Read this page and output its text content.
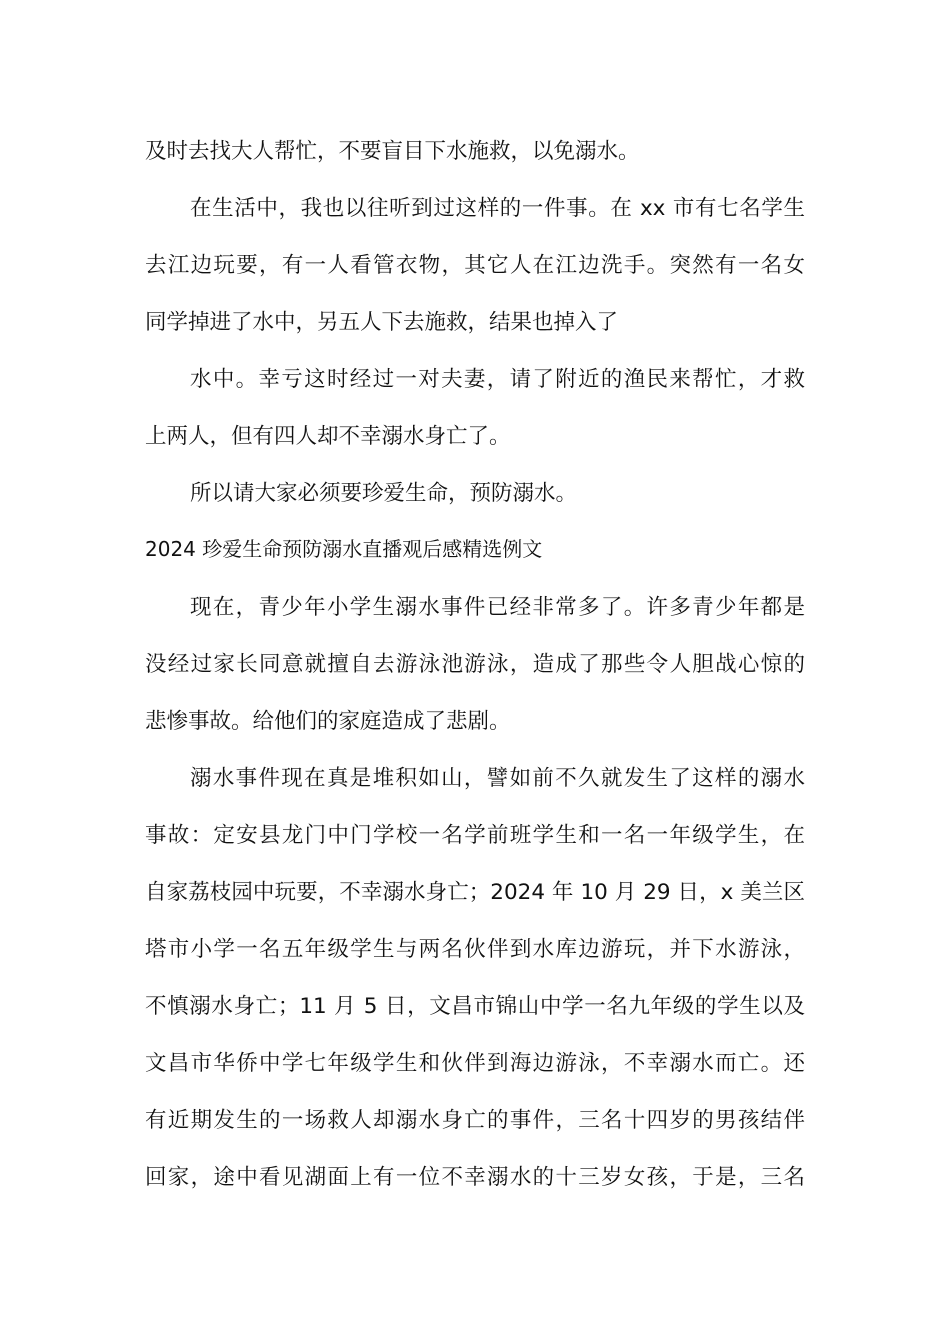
及时去找大人帮忙，不要盲目下水施救，以免溺水。
在生活中，我也以往听到过这样的一件事。在 xx 市有七名学生
去江边玩要，有一人看管衣物，其它人在江边洗手。突然有一名女
同学掉进了水中，另五人下去施救，结果也掉入了
水中。幸亏这时经过一对夫妻，请了附近的渔民来帮忙，才救
上两人，但有四人却不幸溺水身亡了。
所以请大家必须要珍爱生命，预防溺水。
2024 珍爱生命预防溺水直播观后感精选例文
现在，青少年小学生溺水事件已经非常多了。许多青少年都是
没经过家长同意就擅自去游泳池游泳，造成了那些令人胆战心惊的
悲惨事故。给他们的家庭造成了悲剧。
溺水事件现在真是堆积如山，譬如前不久就发生了这样的溺水
事故：定安县龙门中门学校一名学前班学生和一名一年级学生，在
自家荔枝园中玩要，不幸溺水身亡；2024 年 10 月 29 日，x 美兰区
塔市小学一名五年级学生与两名伙伴到水库边游玩，并下水游泳，
不慎溺水身亡；11 月 5 日，文昌市锦山中学一名九年级的学生以及
文昌市华侨中学七年级学生和伙伴到海边游泳，不幸溺水而亡。还
有近期发生的一场救人却溺水身亡的事件，三名十四岁的男孩结伴
回家，途中看见湖面上有一位不幸溺水的十三岁女孩，于是，三名
